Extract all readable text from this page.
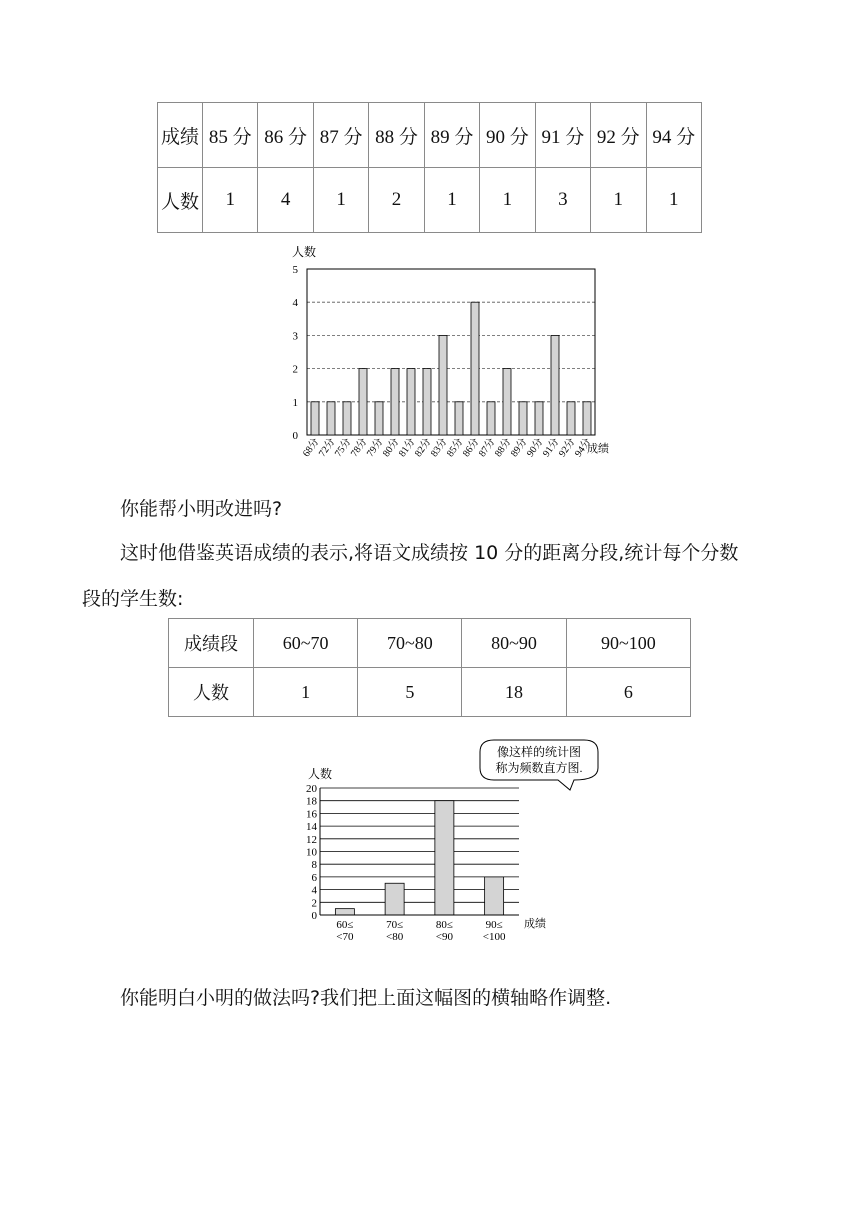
成绩	85 分	86 分	87 分	88 分	89 分	90 分	91 分	92 分	94 分
人数	1	4	1	2	1	1	3	1	1
人数
0
1
2
3
4
5
68分
72分
75分
78分
79分
80分
81分
82分
83分
85分
86分
87分
88分
89分
90分
91分
92分
94分
成绩
你能帮小明改进吗?
这时他借鉴英语成绩的表示,将语文成绩按 10 分的距离分段,统计每个分数
段的学生数:
成绩段	60~70	70~80	80~90	90~100
人数	1	5	18	6
像这样的统计图
称为频数直方图.
人数
0
2
4
6
8
10
12
14
16
18
20
60≤
<70
70≤
<80
80≤
<90
90≤
<100
成绩
你能明白小明的做法吗?我们把上面这幅图的横轴略作调整.
